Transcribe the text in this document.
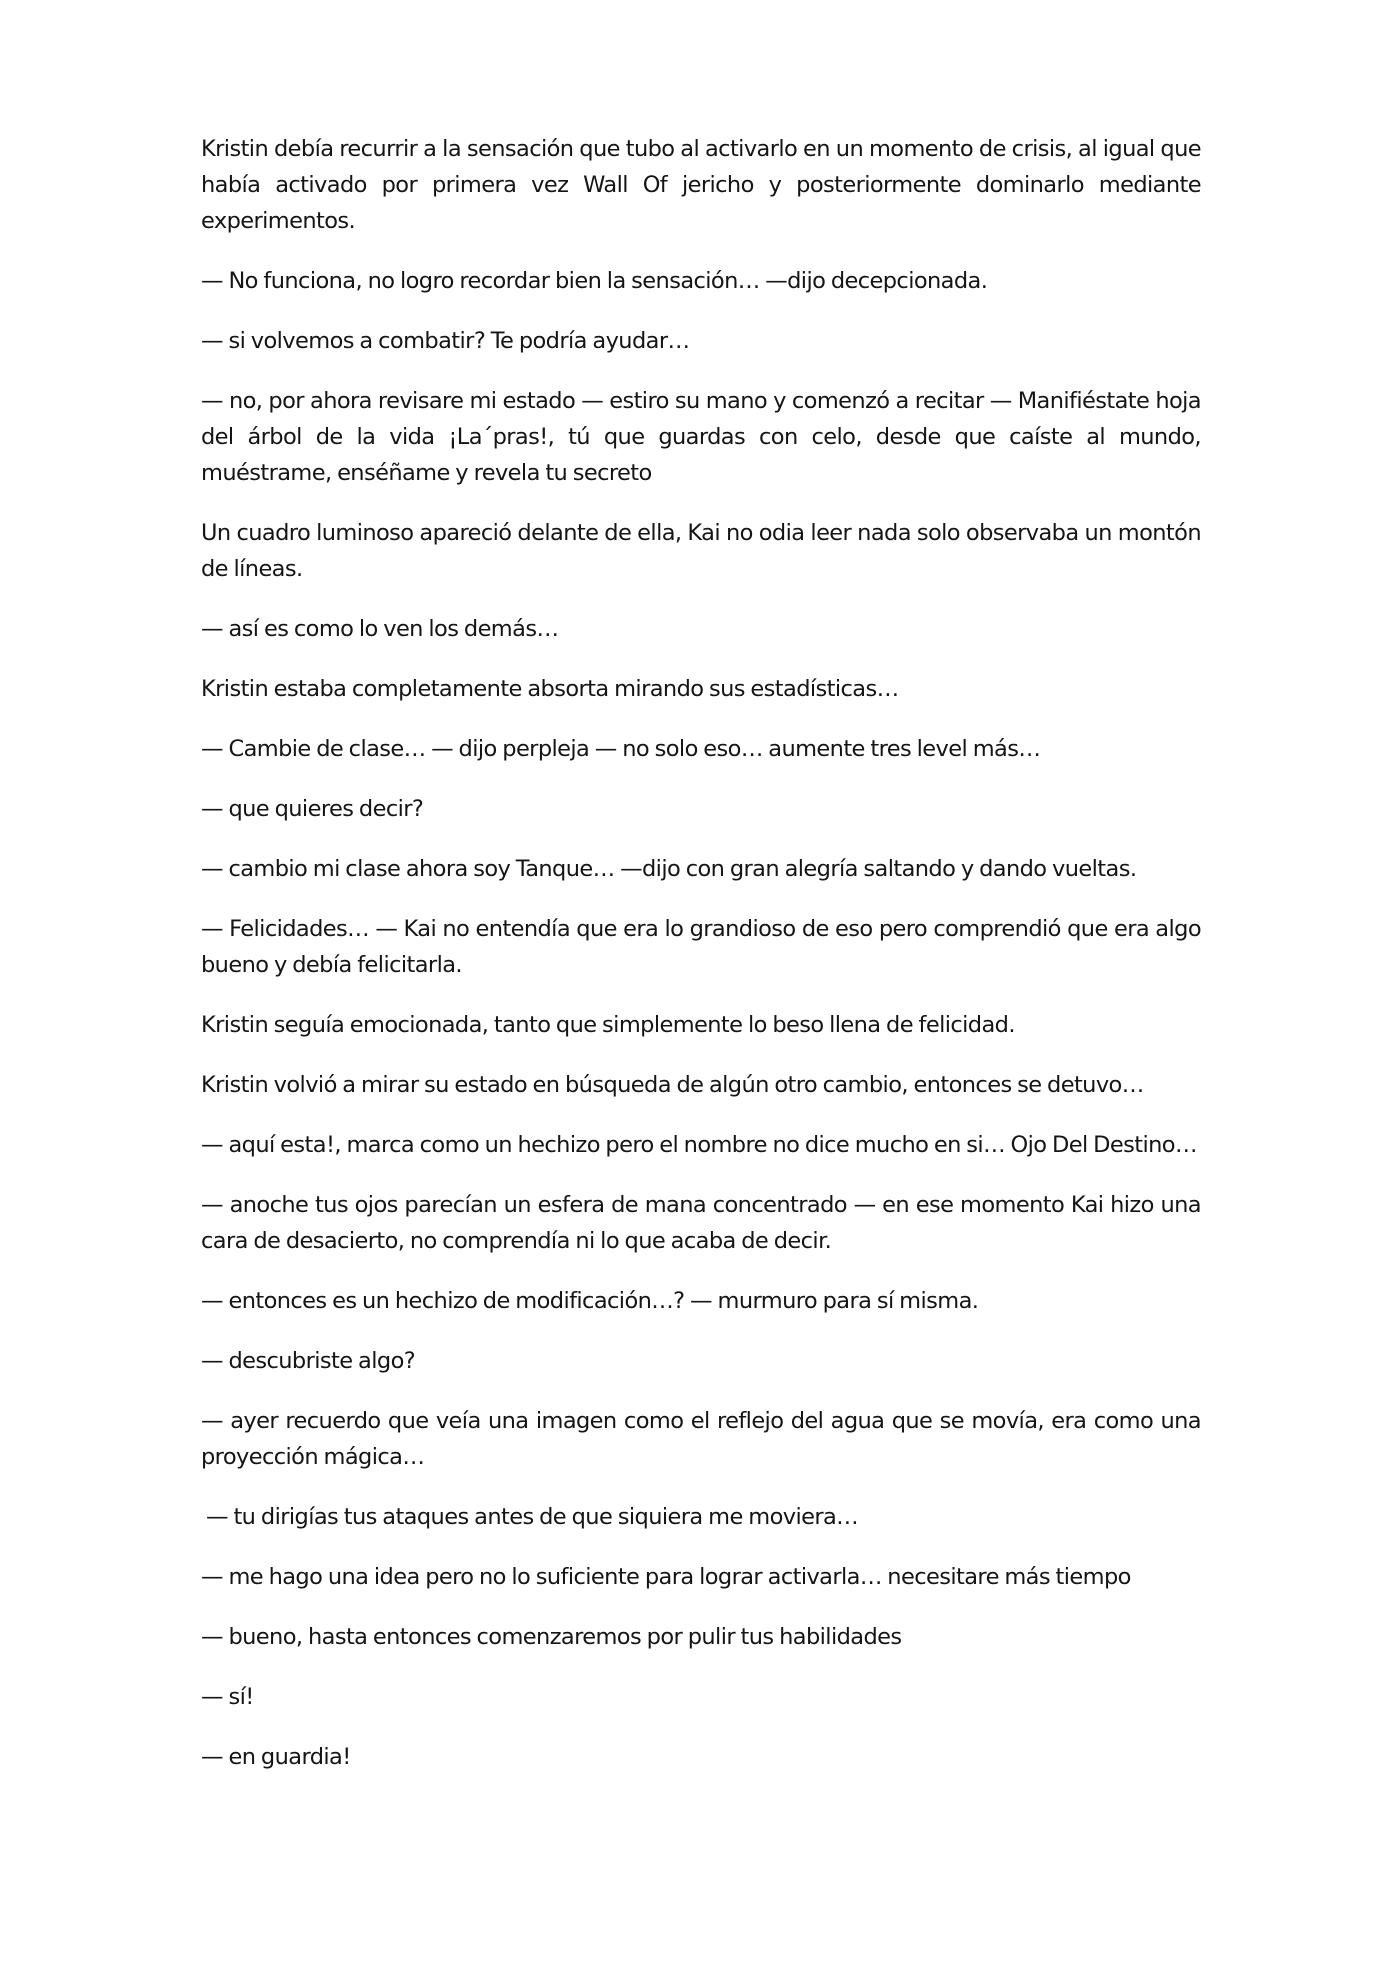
Kristin debía recurrir a la sensación que tubo al activarlo en un momento de crisis, al igual que había activado por primera vez Wall Of jericho y posteriormente dominarlo mediante experimentos.

— No funciona, no logro recordar bien la sensación… —dijo decepcionada.

— si volvemos a combatir? Te podría ayudar…

— no, por ahora revisare mi estado — estiro su mano y comenzó a recitar — Manifiéstate hoja del árbol de la vida ¡La´pras!, tú que guardas con celo, desde que caíste al mundo, muéstrame, enséñame y revela tu secreto

Un cuadro luminoso apareció delante de ella, Kai no odia leer nada solo observaba un montón de líneas.

— así es como lo ven los demás…

Kristin estaba completamente absorta mirando sus estadísticas…

— Cambie de clase… — dijo perpleja — no solo eso… aumente tres level más…

— que quieres decir?

— cambio mi clase ahora soy Tanque… —dijo con gran alegría saltando y dando vueltas.

— Felicidades… — Kai no entendía que era lo grandioso de eso pero comprendió que era algo bueno y debía felicitarla.

Kristin seguía emocionada, tanto que simplemente lo beso llena de felicidad.

Kristin volvió a mirar su estado en búsqueda de algún otro cambio, entonces se detuvo…

— aquí esta!, marca como un hechizo pero el nombre no dice mucho en si… Ojo Del Destino…

— anoche tus ojos parecían un esfera de mana concentrado — en ese momento Kai hizo una cara de desacierto, no comprendía ni lo que acaba de decir.

— entonces es un hechizo de modificación…? — murmuro para sí misma.

— descubriste algo?

— ayer recuerdo que veía una imagen como el reflejo del agua que se movía, era como una proyección mágica…

— tu dirigías tus ataques antes de que siquiera me moviera…

— me hago una idea pero no lo suficiente para lograr activarla… necesitare más tiempo

— bueno, hasta entonces comenzaremos por pulir tus habilidades

— sí!

— en guardia!
